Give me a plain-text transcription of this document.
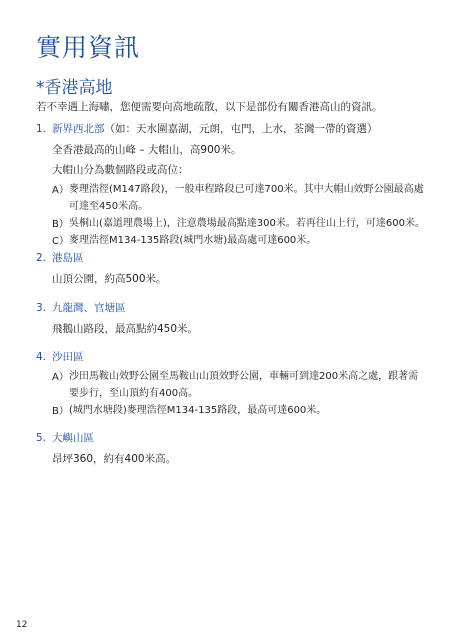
實用資訊
*香港高地

若不幸遇上海嘯，您便需要向高地疏散，以下是部份有關香港高山的資訊。

1. 新界西北部（如：天水圍嘉湖，元朗，屯門，上水，荃灣一帶的資選）
全香港最高的山峰 – 大帽山，高900米。
大帽山分為數個路段或高位：
A） 麥理浩徑(M147路段)，一般車程路段已可達700米。其中大帽山效野公園最高處可達至450米高。
B） 吳桐山(嘉道理農場上)，注意農場最高點達300米。若再往山上行，可達600米。
C） 麥理浩徑M134-135路段(城門水塘)最高處可達600米。
2. 港島區
山頂公園，約高500米。
3. 九龍灣、官塘區
飛鵝山路段，最高點約450米。
4. 沙田區
A） 沙田馬鞍山效野公園至馬鞍山山頂效野公園，車輛可到達200米高之處，跟著需要步行，至山頂約有400高。
B） (城門水塘段)麥理浩徑M134-135路段，最高可達600米。
5. 大嶼山區
昂坪360，約有400米高。
12
